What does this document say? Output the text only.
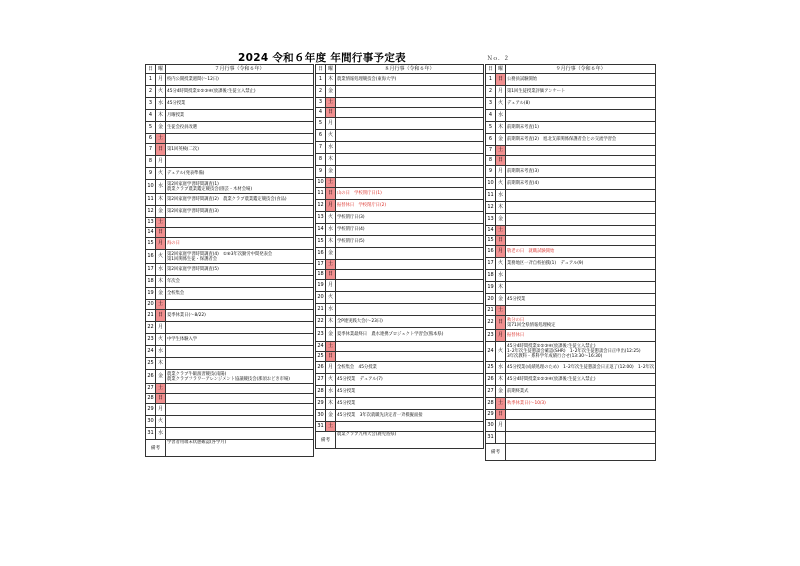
2024 令和６年度 年間行事予定表	Ｎｏ．２
日	曜	７月行事（令和６年）
1	月	校内公開授業週間(～12日)

2	火	45分4時間授業①②③④(放課後:生徒立入禁止)

3	水	45分授業

4	木	月曜授業

5	金	生徒会役員改選

6	土	
7	日	第1回英検(二次)

8	月	
9	火	デュアル(発表準備)

10	水	第2回家庭学習時間調査(1)
農業クラブ農業鑑定競技会(園芸・木材会場)

11	木	第2回家庭学習時間調査(2)　農業クラブ農業鑑定競技会(食品)

12	金	第2回家庭学習時間調査(3)

13	土	
14	日	
15	月	海の日

16	火	第2回家庭学習時間調査(4)　①⑥3年次勤労中間発表会
第1回関係生徒・保護者会

17	水	第2回家庭学習時間調査(5)

18	木	年次会

19	金	全校集会

20	土	
21	日	夏季休業日(～8/22)

22	月	
23	火	中学生体験入学

24	水	
25	木	
26	金	農業クラブ牛飯演習競技(南陽)
農業クラブフラワーアレンジメント協議競技会(那須おどき市場)

27	土	
28	日	
29	月	
30	火	
31	水	
備考		学習者用端末状態確認(各学月)
日	曜	８月行事（令和６年）
1	木	農業情報処理競技会(東海大学)

2	金	
3	土	
4	日	
5	月	
6	火	
7	水	
8	木	
9	金	
10	土	
11	日	山の日　学校閉庁日(1)

12	月	振替休日　学校閉庁日(2)

13	火	学校閉庁日(3)

14	水	学校閉庁日(4)

15	木	学校閉庁日(5)

16	金	
17	土	
18	日	
19	月	
20	火	
21	水	
22	木	全P連実践大会(～23日)

23	金	夏季休業最終日　農水連携プロジェクト学習会(熊本県)

24	土	
25	日	
26	月	全校集会　45分授業

27	火	45分授業　デュアル(7)

28	水	45分授業

29	木	45分授業

30	金	45分授業　3年次就職先決定者一斉模擬面接

31	土	
備考		農業クラブ九州大会(鹿児島県)
日	曜	９月行事（令和６年）
1	日	公務員試験開始

2	月	第1回生徒授業評価アンケート

3	火	デュアル(8)

4	水	
5	木	前期期末考査(1)

6	金	前期期末考査(2)　旭北支部関係保護者会との交流学習会

7	土	
8	日	
9	月	前期期末考査(3)

10	火	前期期末考査(4)

11	水	
12	木	
13	金	
14	土	
15	日	
16	月	敬老の日　就職試験開始

17	火	業務地区一斉自校拍撲(1)　デュアル(9)

18	水	
19	木	
20	金	45分授業

21	土	
22	日	秋分の日
第71回全県情報処理検定

23	月	振替休日

24	火	45分4時間授業①②③④(放課後:生徒立入禁止)
1･2年次生徒懇談会確認(SHR)　1･2年次生徒懇談会日正申出(12:25)
3年次教科・系科学年成績行合せ(13:30～16:30)

25	水	45分授業(成績処理のため)　1･2年次生徒懇談会日正返了(12:00)　1･2年次

26	木	45分4時間授業①②③④(放課後:生徒立入禁止)

27	金	前期終業式

28	土	秋季休業日(～10/3)

29	日	
30	月	
31		
備考		
